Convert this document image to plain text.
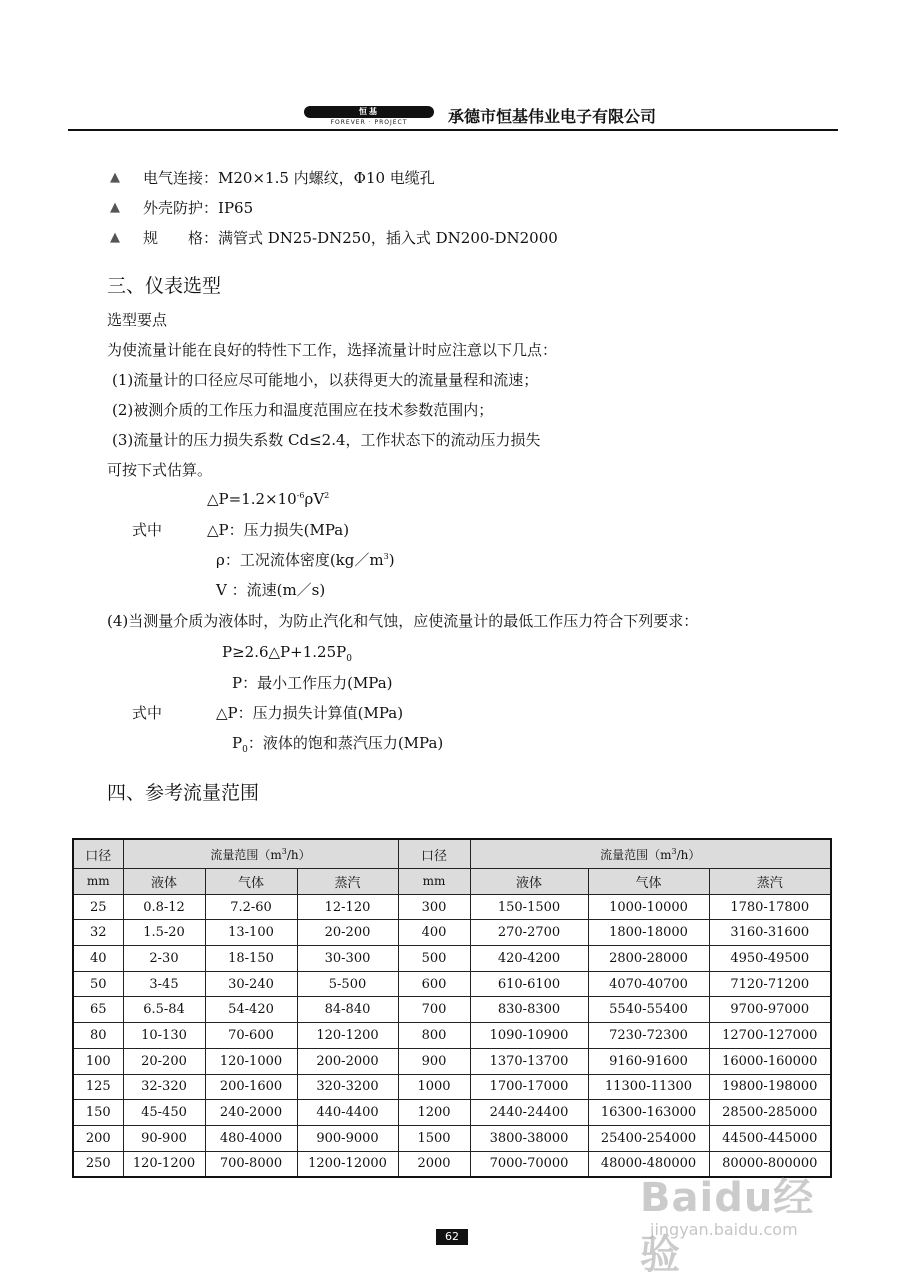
恒基
FOREVER · PROJECT	承德市恒基伟业电子有限公司
▲ 电气连接：M20×1.5 内螺纹，Φ10 电缆孔
▲ 外壳防护：IP65
▲ 规　　格：满管式 DN25-DN250，插入式 DN200-DN2000
三、仪表选型
选型要点
为使流量计能在良好的特性下工作，选择流量计时应注意以下几点：
(1)流量计的口径应尽可能地小，以获得更大的流量量程和流速；
(2)被测介质的工作压力和温度范围应在技术参数范围内；
(3)流量计的压力损失系数 Cd≤2.4，工作状态下的流动压力损失
可按下式估算。
$\triangle P=1.2\times 10^{-6}\rho V^2$
式中	△P：压力损失(MPa)
ρ：工况流体密度$(kg/m^3)$
V ：流速(m／s)
(4)当测量介质为液体时，为防止汽化和气蚀，应使流量计的最低工作压力符合下列要求：
$P\ge 2.6\triangle P+1.25P_0$
P：最小工作压力(MPa)
式中	△P：压力损失计算值(MPa)
$P_0$：液体的饱和蒸汽压力(MPa)
四、参考流量范围
口径	流量范围$(m^3/h)$			口径	流量范围$(m^3/h)$		
mm	液体	气体	蒸汽	mm	液体	气体	蒸汽
25	0.8-12	7.2-60	12-120	300	150-1500	1000-10000	1780-17800
32	1.5-20	13-100	20-200	400	270-2700	1800-18000	3160-31600
40	2-30	18-150	30-300	500	420-4200	2800-28000	4950-49500
50	3-45	30-240	5-500	600	610-6100	4070-40700	7120-71200
65	6.5-84	54-420	84-840	700	830-8300	5540-55400	9700-97000
80	10-130	70-600	120-1200	800	1090-10900	7230-72300	12700-127000
100	20-200	120-1000	200-2000	900	1370-13700	9160-91600	16000-160000
125	32-320	200-1600	320-3200	1000	1700-17000	11300-11300	19800-198000
150	45-450	240-2000	440-4400	1200	2440-24400	16300-163000	28500-285000
200	90-900	480-4000	900-9000	1500	3800-38000	25400-254000	44500-445000
250	120-1200	700-8000	1200-12000	2000	7000-70000	48000-480000	80000-800000
Baidu经验
jingyan.baidu.com
62
